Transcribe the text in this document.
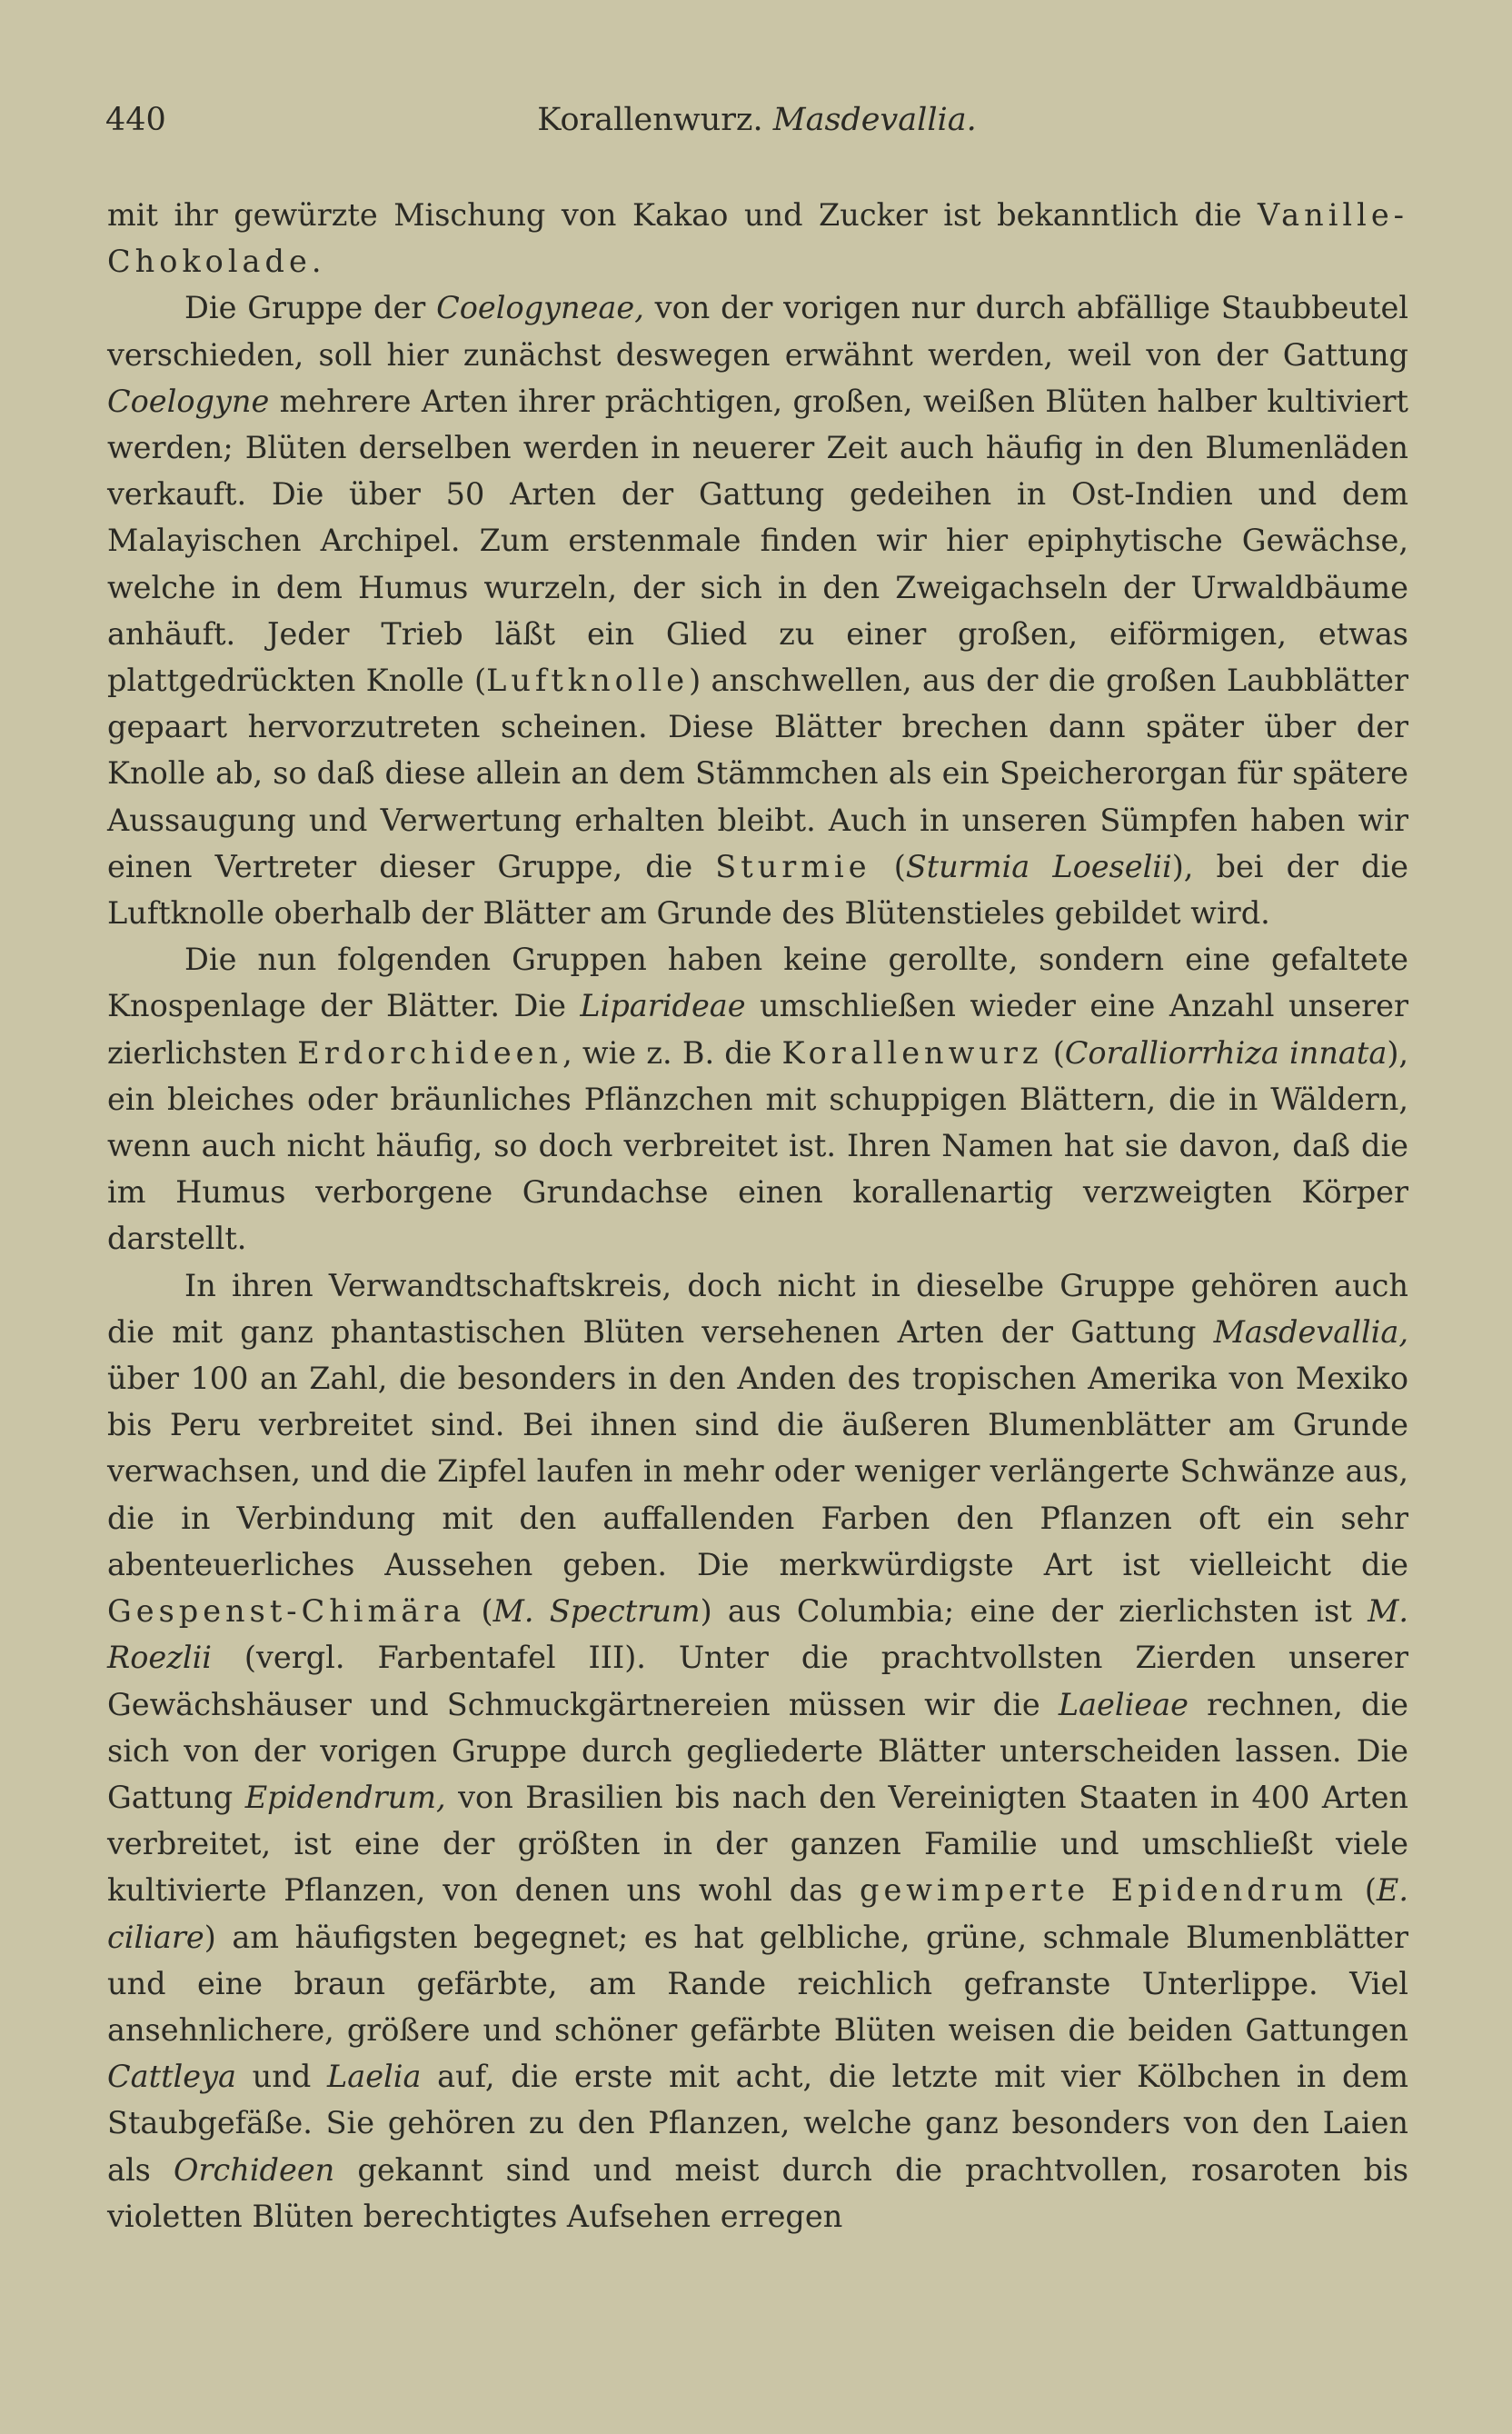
440	Korallenwurz. Masdevallia.

mit ihr gewürzte Mischung von Kakao und Zucker ist bekanntlich die Vanille-Chokolade.

Die Gruppe der Coelogyneae, von der vorigen nur durch abfällige Staubbeutel verschieden, soll hier zunächst deswegen erwähnt werden, weil von der Gattung Coelogyne mehrere Arten ihrer prächtigen, großen, weißen Blüten halber kultiviert werden; Blüten derselben werden in neuerer Zeit auch häufig in den Blumenläden verkauft. Die über 50 Arten der Gattung gedeihen in Ost-Indien und dem Malayischen Archipel. Zum erstenmale finden wir hier epiphytische Gewächse, welche in dem Humus wurzeln, der sich in den Zweigachseln der Urwaldbäume anhäuft. Jeder Trieb läßt ein Glied zu einer großen, eiförmigen, etwas plattgedrückten Knolle (Luftknolle) anschwellen, aus der die großen Laubblätter gepaart hervorzutreten scheinen. Diese Blätter brechen dann später über der Knolle ab, so daß diese allein an dem Stämmchen als ein Speicherorgan für spätere Aussaugung und Verwertung erhalten bleibt. Auch in unseren Sümpfen haben wir einen Vertreter dieser Gruppe, die Sturmie (Sturmia Loeselii), bei der die Luftknolle oberhalb der Blätter am Grunde des Blütenstieles gebildet wird.

Die nun folgenden Gruppen haben keine gerollte, sondern eine gefaltete Knospenlage der Blätter. Die Liparideae umschließen wieder eine Anzahl unserer zierlichsten Erdorchideen, wie z. B. die Korallenwurz (Coralliorrhiza innata), ein bleiches oder bräunliches Pflänzchen mit schuppigen Blättern, die in Wäldern, wenn auch nicht häufig, so doch verbreitet ist. Ihren Namen hat sie davon, daß die im Humus verborgene Grundachse einen korallenartig verzweigten Körper darstellt.

In ihren Verwandtschaftskreis, doch nicht in dieselbe Gruppe gehören auch die mit ganz phantastischen Blüten versehenen Arten der Gattung Masdevallia, über 100 an Zahl, die besonders in den Anden des tropischen Amerika von Mexiko bis Peru verbreitet sind. Bei ihnen sind die äußeren Blumenblätter am Grunde verwachsen, und die Zipfel laufen in mehr oder weniger verlängerte Schwänze aus, die in Verbindung mit den auffallenden Farben den Pflanzen oft ein sehr abenteuerliches Aussehen geben. Die merkwürdigste Art ist vielleicht die Gespenst-Chimära (M. Spectrum) aus Columbia; eine der zierlichsten ist M. Roezlii (vergl. Farbentafel III). Unter die prachtvollsten Zierden unserer Gewächshäuser und Schmuckgärtnereien müssen wir die Laelieae rechnen, die sich von der vorigen Gruppe durch gegliederte Blätter unterscheiden lassen. Die Gattung Epidendrum, von Brasilien bis nach den Vereinigten Staaten in 400 Arten verbreitet, ist eine der größten in der ganzen Familie und umschließt viele kultivierte Pflanzen, von denen uns wohl das gewimperte Epidendrum (E. ciliare) am häufigsten begegnet; es hat gelbliche, grüne, schmale Blumenblätter und eine braun gefärbte, am Rande reichlich gefranste Unterlippe. Viel ansehnlichere, größere und schöner gefärbte Blüten weisen die beiden Gattungen Cattleya und Laelia auf, die erste mit acht, die letzte mit vier Kölbchen in dem Staubgefäße. Sie gehören zu den Pflanzen, welche ganz besonders von den Laien als Orchideen gekannt sind und meist durch die prachtvollen, rosaroten bis violetten Blüten berechtigtes Aufsehen erregen
